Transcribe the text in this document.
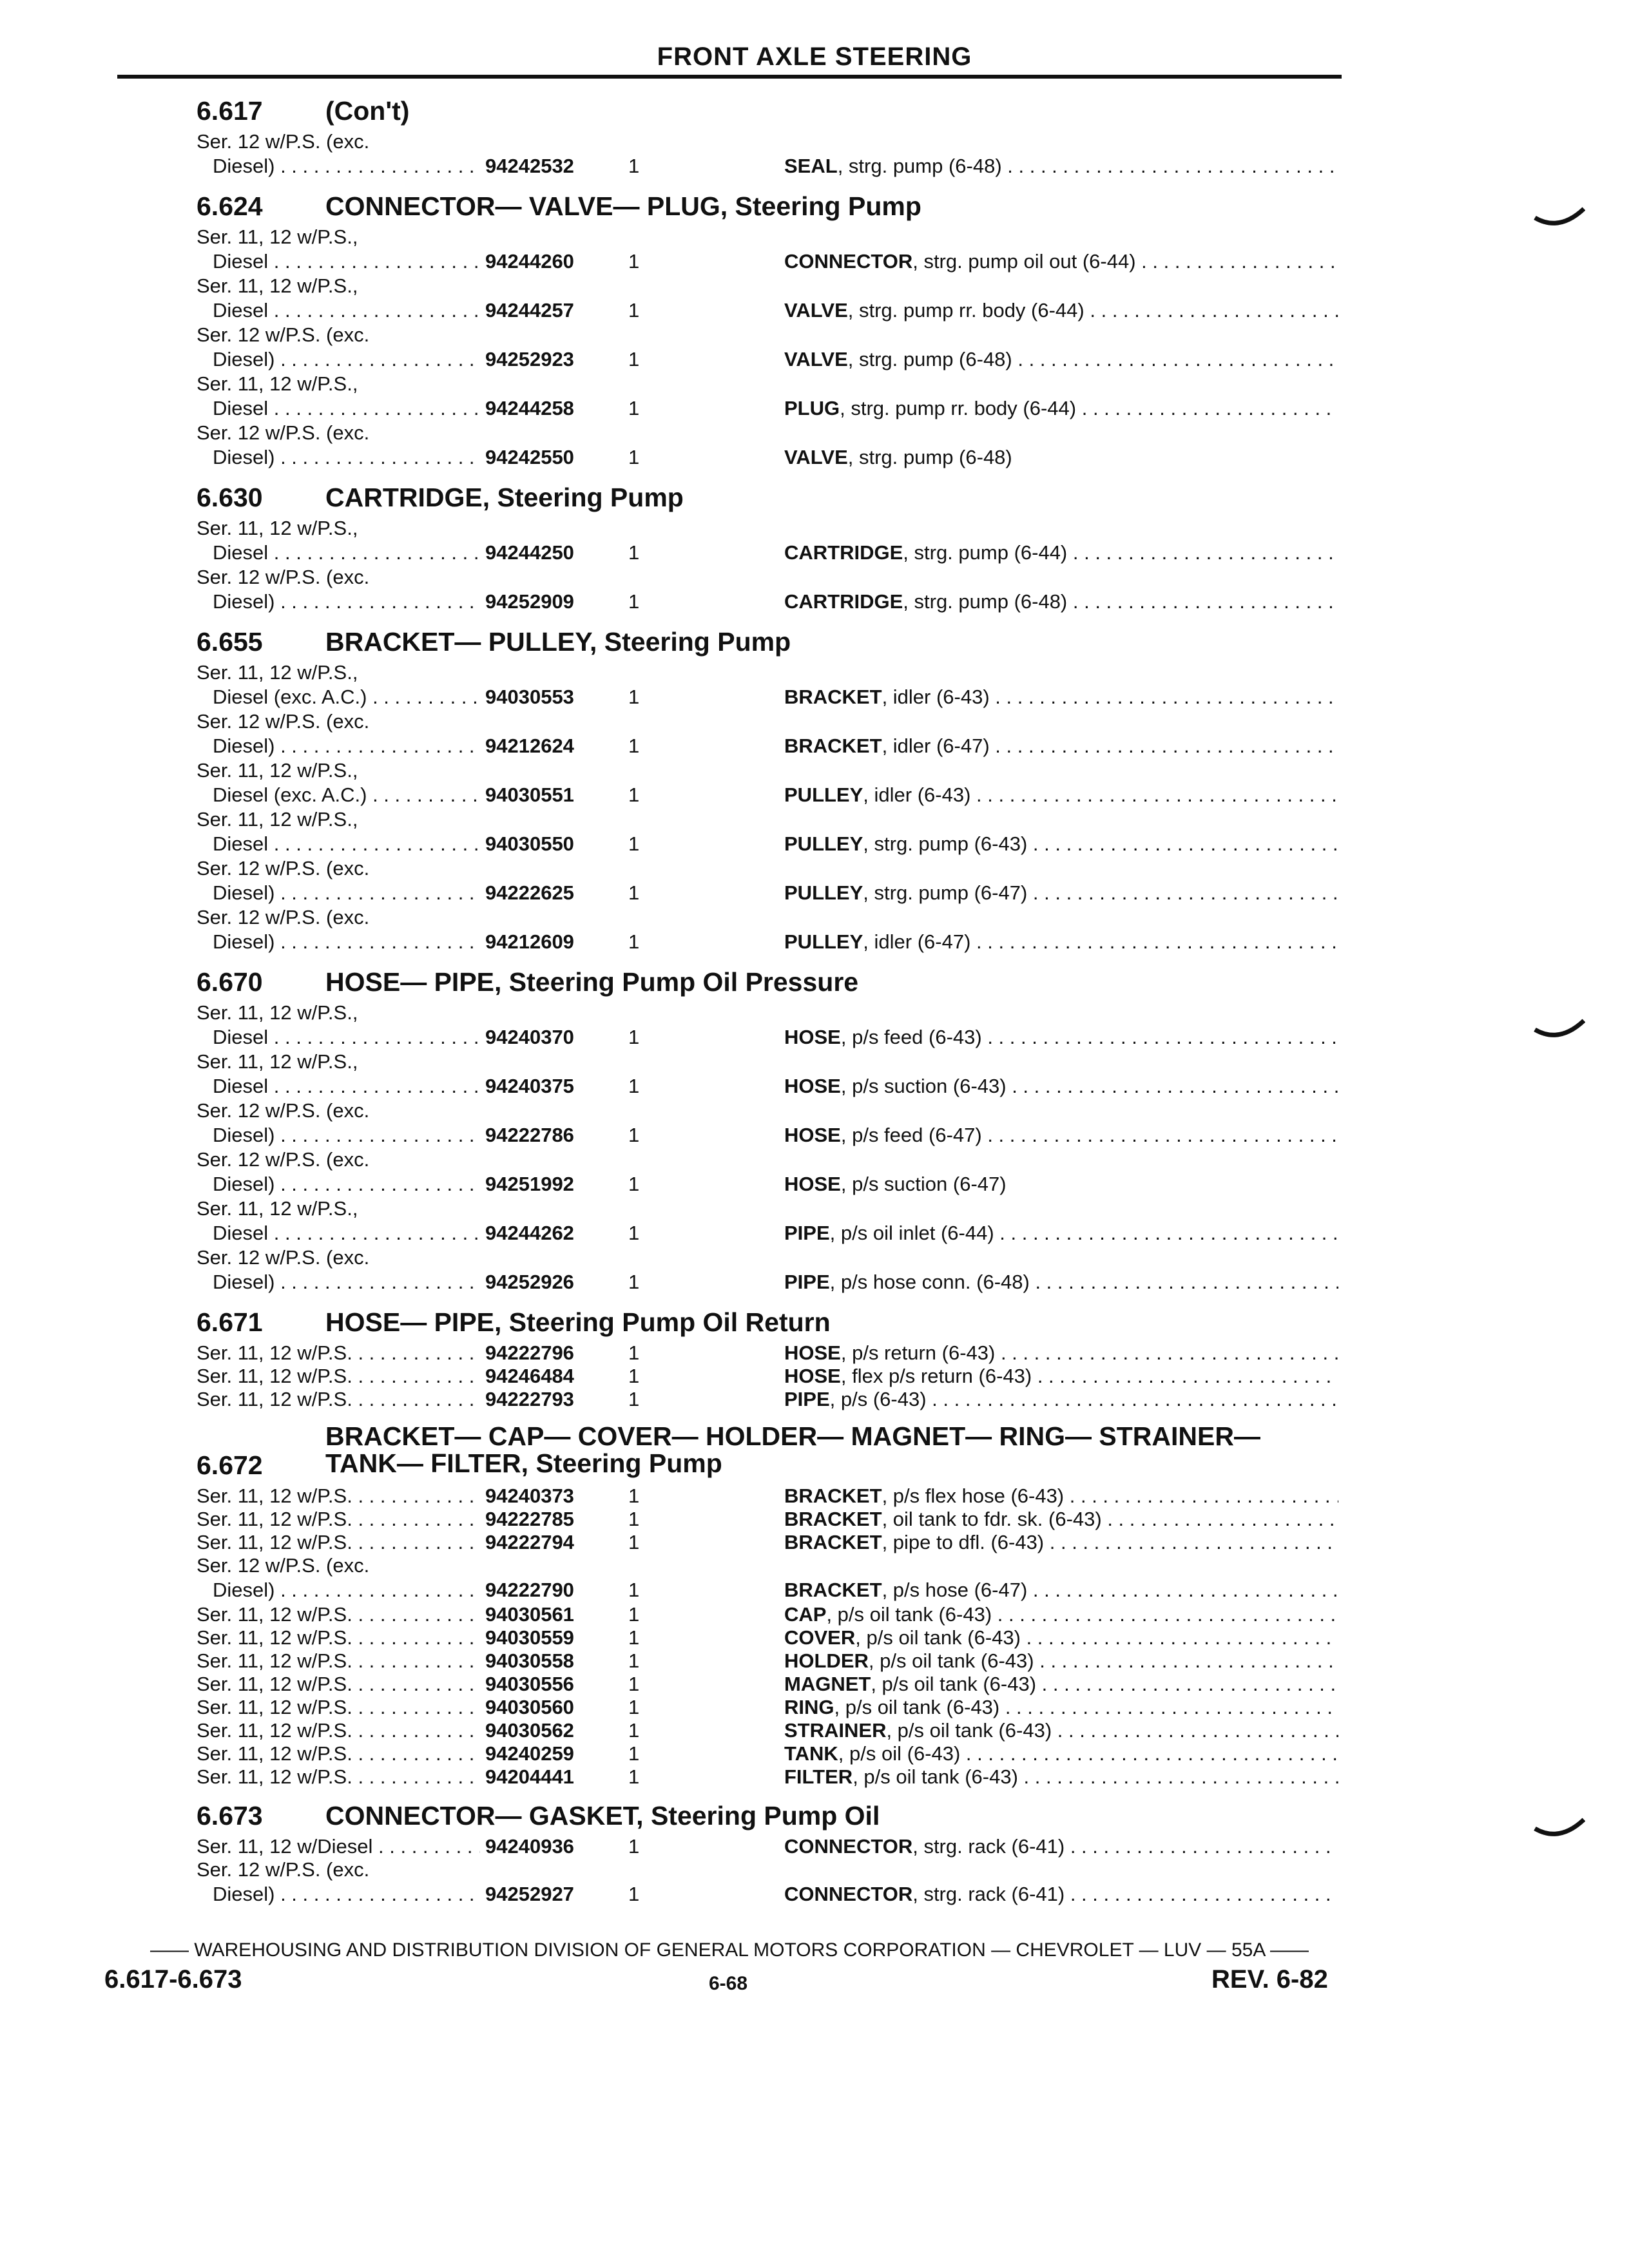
FRONT AXLE STEERING
6.617 (Con't)
Ser. 12 w/P.S. (exc.
Diesel) . . .	94242532	1	SEAL, strg. pump (6-48) . . .
6.624 CONNECTOR— VALVE— PLUG, Steering Pump
Ser. 11, 12 w/P.S.,
Diesel . . .	94244260	1	CONNECTOR, strg. pump oil out (6-44) . . .
Ser. 11, 12 w/P.S.,
Diesel . . .	94244257	1	VALVE, strg. pump rr. body (6-44) . . .
Ser. 12 w/P.S. (exc.
Diesel) . . .	94252923	1	VALVE, strg. pump (6-48) . . .
Ser. 11, 12 w/P.S.,
Diesel . . .	94244258	1	PLUG, strg. pump rr. body (6-44) . . .
Ser. 12 w/P.S. (exc.
Diesel) . . .	94242550	1	VALVE, strg. pump (6-48)
6.630 CARTRIDGE, Steering Pump
Ser. 11, 12 w/P.S.,
Diesel . . .	94244250	1	CARTRIDGE, strg. pump (6-44) . . .
Ser. 12 w/P.S. (exc.
Diesel) . . .	94252909	1	CARTRIDGE, strg. pump (6-48) . . .
6.655 BRACKET— PULLEY, Steering Pump
Ser. 11, 12 w/P.S.,
Diesel (exc. A.C.) . . .	94030553	1	BRACKET, idler (6-43) . . .
Ser. 12 w/P.S. (exc.
Diesel) . . .	94212624	1	BRACKET, idler (6-47) . . .
Ser. 11, 12 w/P.S.,
Diesel (exc. A.C.) . . .	94030551	1	PULLEY, idler (6-43) . . .
Ser. 11, 12 w/P.S.,
Diesel . . .	94030550	1	PULLEY, strg. pump (6-43) . . .
Ser. 12 w/P.S. (exc.
Diesel) . . .	94222625	1	PULLEY, strg. pump (6-47) . . .
Ser. 12 w/P.S. (exc.
Diesel) . . .	94212609	1	PULLEY, idler (6-47) . . .
6.670 HOSE— PIPE, Steering Pump Oil Pressure
Ser. 11, 12 w/P.S.,
Diesel . . .	94240370	1	HOSE, p/s feed (6-43) . . .
Ser. 11, 12 w/P.S.,
Diesel . . .	94240375	1	HOSE, p/s suction (6-43) . . .
Ser. 12 w/P.S. (exc.
Diesel) . . .	94222786	1	HOSE, p/s feed (6-47) . . .
Ser. 12 w/P.S. (exc.
Diesel) . . .	94251992	1	HOSE, p/s suction (6-47)
Ser. 11, 12 w/P.S.,
Diesel . . .	94244262	1	PIPE, p/s oil inlet (6-44) . . .
Ser. 12 w/P.S. (exc.
Diesel) . . .	94252926	1	PIPE, p/s hose conn. (6-48) . . .
6.671 HOSE— PIPE, Steering Pump Oil Return
Ser. 11, 12 w/P.S. . . .	94222796	1	HOSE, p/s return (6-43) . . .
Ser. 11, 12 w/P.S. . . .	94246484	1	HOSE, flex p/s return (6-43) . . .
Ser. 11, 12 w/P.S. . . .	94222793	1	PIPE, p/s (6-43) . . .
6.672
BRACKET— CAP— COVER— HOLDER— MAGNET— RING— STRAINER— TANK— FILTER, Steering Pump
Ser. 11, 12 w/P.S. . . .	94240373	1	BRACKET, p/s flex hose (6-43) . . .
Ser. 11, 12 w/P.S. . . .	94222785	1	BRACKET, oil tank to fdr. sk. (6-43) . . .
Ser. 11, 12 w/P.S. . . .	94222794	1	BRACKET, pipe to dfl. (6-43) . . .
Ser. 12 w/P.S. (exc.
Diesel) . . .	94222790	1	BRACKET, p/s hose (6-47) . . .
Ser. 11, 12 w/P.S. . . .	94030561	1	CAP, p/s oil tank (6-43) . . .
Ser. 11, 12 w/P.S. . . .	94030559	1	COVER, p/s oil tank (6-43) . . .
Ser. 11, 12 w/P.S. . . .	94030558	1	HOLDER, p/s oil tank (6-43) . . .
Ser. 11, 12 w/P.S. . . .	94030556	1	MAGNET, p/s oil tank (6-43) . . .
Ser. 11, 12 w/P.S. . . .	94030560	1	RING, p/s oil tank (6-43) . . .
Ser. 11, 12 w/P.S. . . .	94030562	1	STRAINER, p/s oil tank (6-43) . . .
Ser. 11, 12 w/P.S. . . .	94240259	1	TANK, p/s oil (6-43) . . .
Ser. 11, 12 w/P.S. . . .	94204441	1	FILTER, p/s oil tank (6-43) . . .
6.673 CONNECTOR— GASKET, Steering Pump Oil
Ser. 11, 12 w/Diesel . . .	94240936	1	CONNECTOR, strg. rack (6-41) . . .
Ser. 12 w/P.S. (exc.
Diesel) . . .	94252927	1	CONNECTOR, strg. rack (6-41) . . .
—— WAREHOUSING AND DISTRIBUTION DIVISION OF GENERAL MOTORS CORPORATION — CHEVROLET — LUV — 55A ——
6.617-6.673	6-68	REV. 6-82
